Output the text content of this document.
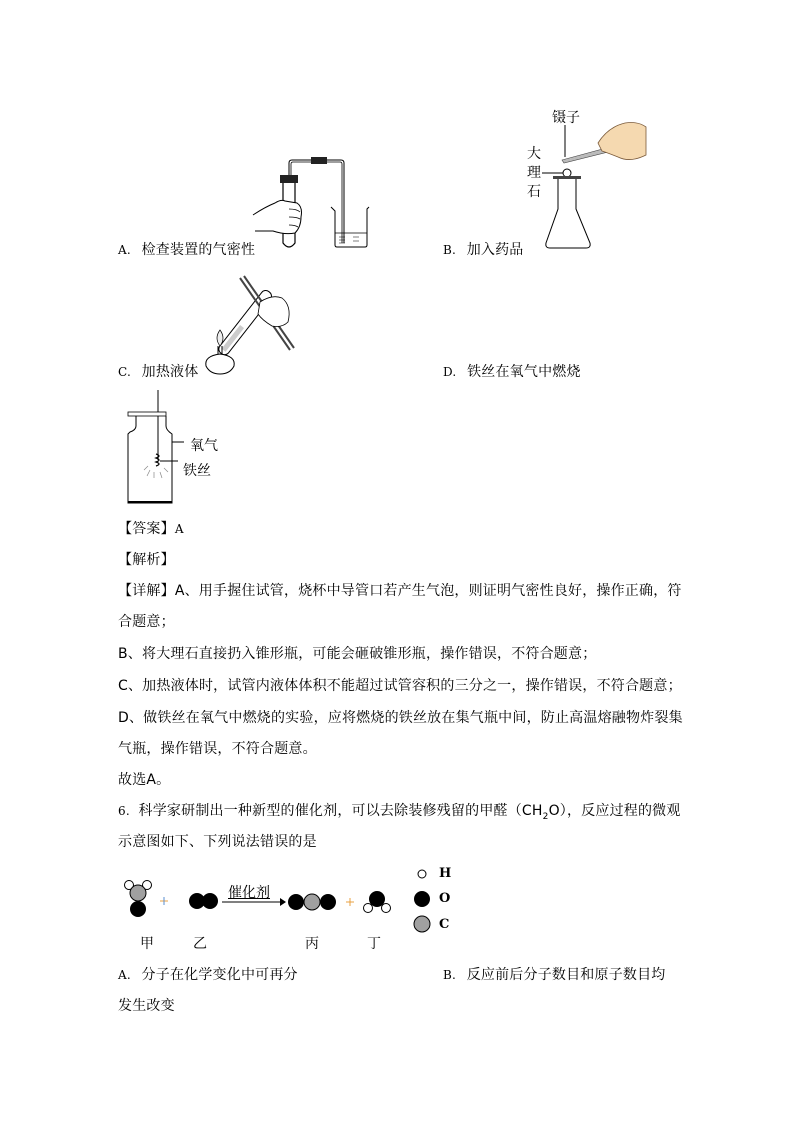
A. 检查装置的气密性
镊子
大
理
石
B. 加入药品
C. 加热液体	D. 铁丝在氧气中燃烧
氧气
铁丝
【答案】A
【解析】
【详解】A、用手握住试管，烧杯中导管口若产生气泡，则证明气密性良好，操作正确，符
合题意；
B、将大理石直接扔入锥形瓶，可能会砸破锥形瓶，操作错误，不符合题意；
C、加热液体时，试管内液体体积不能超过试管容积的三分之一，操作错误，不符合题意；
D、做铁丝在氧气中燃烧的实验，应将燃烧的铁丝放在集气瓶中间，防止高温熔融物炸裂集
气瓶，操作错误，不符合题意。
故选A。
6. 科学家研制出一种新型的催化剂，可以去除装修残留的甲醛$(CH_2O)$，反应过程的微观
示意图如下、下列说法错误的是
催化剂
H
O
C
甲	乙	丙	丁
A. 分子在化学变化中可再分	B. 反应前后分子数目和原子数目均
发生改变
